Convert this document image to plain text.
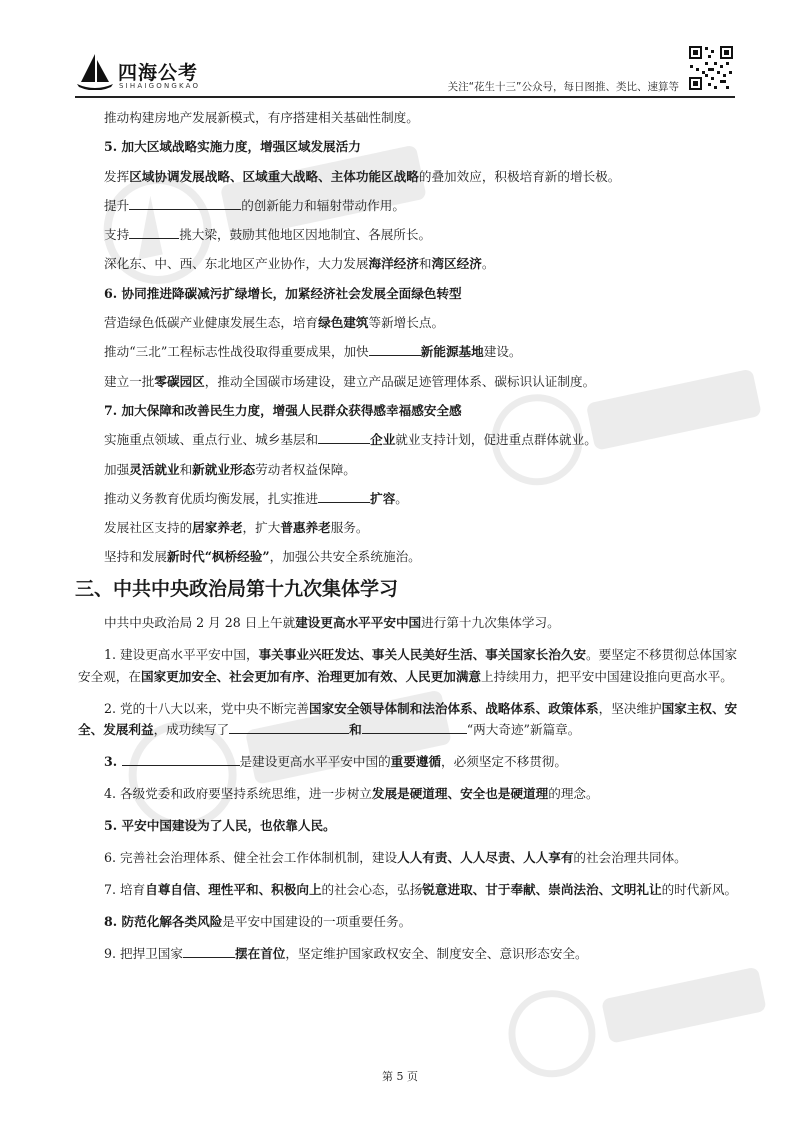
四海公考
SIHAIGONGKAO	关注“花生十三”公众号，每日图推、类比、速算等
推动构建房地产发展新模式，有序搭建相关基础性制度。
5. 加大区域战略实施力度，增强区域发展活力
发挥区域协调发展战略、区域重大战略、主体功能区战略的叠加效应，积极培育新的增长极。
提升	的创新能力和辐射带动作用。
支持	挑大梁，鼓励其他地区因地制宜、各展所长。
深化东、中、西、东北地区产业协作，大力发展海洋经济和湾区经济。
6. 协同推进降碳减污扩绿增长，加紧经济社会发展全面绿色转型
营造绿色低碳产业健康发展生态，培育绿色建筑等新增长点。
推动“三北”工程标志性战役取得重要成果，加快	新能源基地建设。
建立一批零碳园区，推动全国碳市场建设，建立产品碳足迹管理体系、碳标识认证制度。
7. 加大保障和改善民生力度，增强人民群众获得感幸福感安全感
实施重点领域、重点行业、城乡基层和	企业就业支持计划，促进重点群体就业。
加强灵活就业和新就业形态劳动者权益保障。
推动义务教育优质均衡发展，扎实推进	扩容。
发展社区支持的居家养老，扩大普惠养老服务。
坚持和发展新时代“枫桥经验”，加强公共安全系统施治。
三、中共中央政治局第十九次集体学习
中共中央政治局 2 月 28 日上午就建设更高水平平安中国进行第十九次集体学习。
1. 建设更高水平平安中国，事关事业兴旺发达、事关人民美好生活、事关国家长治久安。要坚定不移贯彻总体国家安全观，在国家更加安全、社会更加有序、治理更加有效、人民更加满意上持续用力，把平安中国建设推向更高水平。
2. 党的十八大以来，党中央不断完善国家安全领导体制和法治体系、战略体系、政策体系，坚决维护国家主权、安全、发展利益，成功续写了	和	“两大奇迹”新篇章。
3.	是建设更高水平平安中国的重要遵循，必须坚定不移贯彻。
4. 各级党委和政府要坚持系统思维，进一步树立发展是硬道理、安全也是硬道理的理念。
5. 平安中国建设为了人民，也依靠人民。
6. 完善社会治理体系、健全社会工作体制机制，建设人人有责、人人尽责、人人享有的社会治理共同体。
7. 培育自尊自信、理性平和、积极向上的社会心态，弘扬锐意进取、甘于奉献、崇尚法治、文明礼让的时代新风。
8. 防范化解各类风险是平安中国建设的一项重要任务。
9. 把捍卫国家	摆在首位，坚定维护国家政权安全、制度安全、意识形态安全。
第 5 页
